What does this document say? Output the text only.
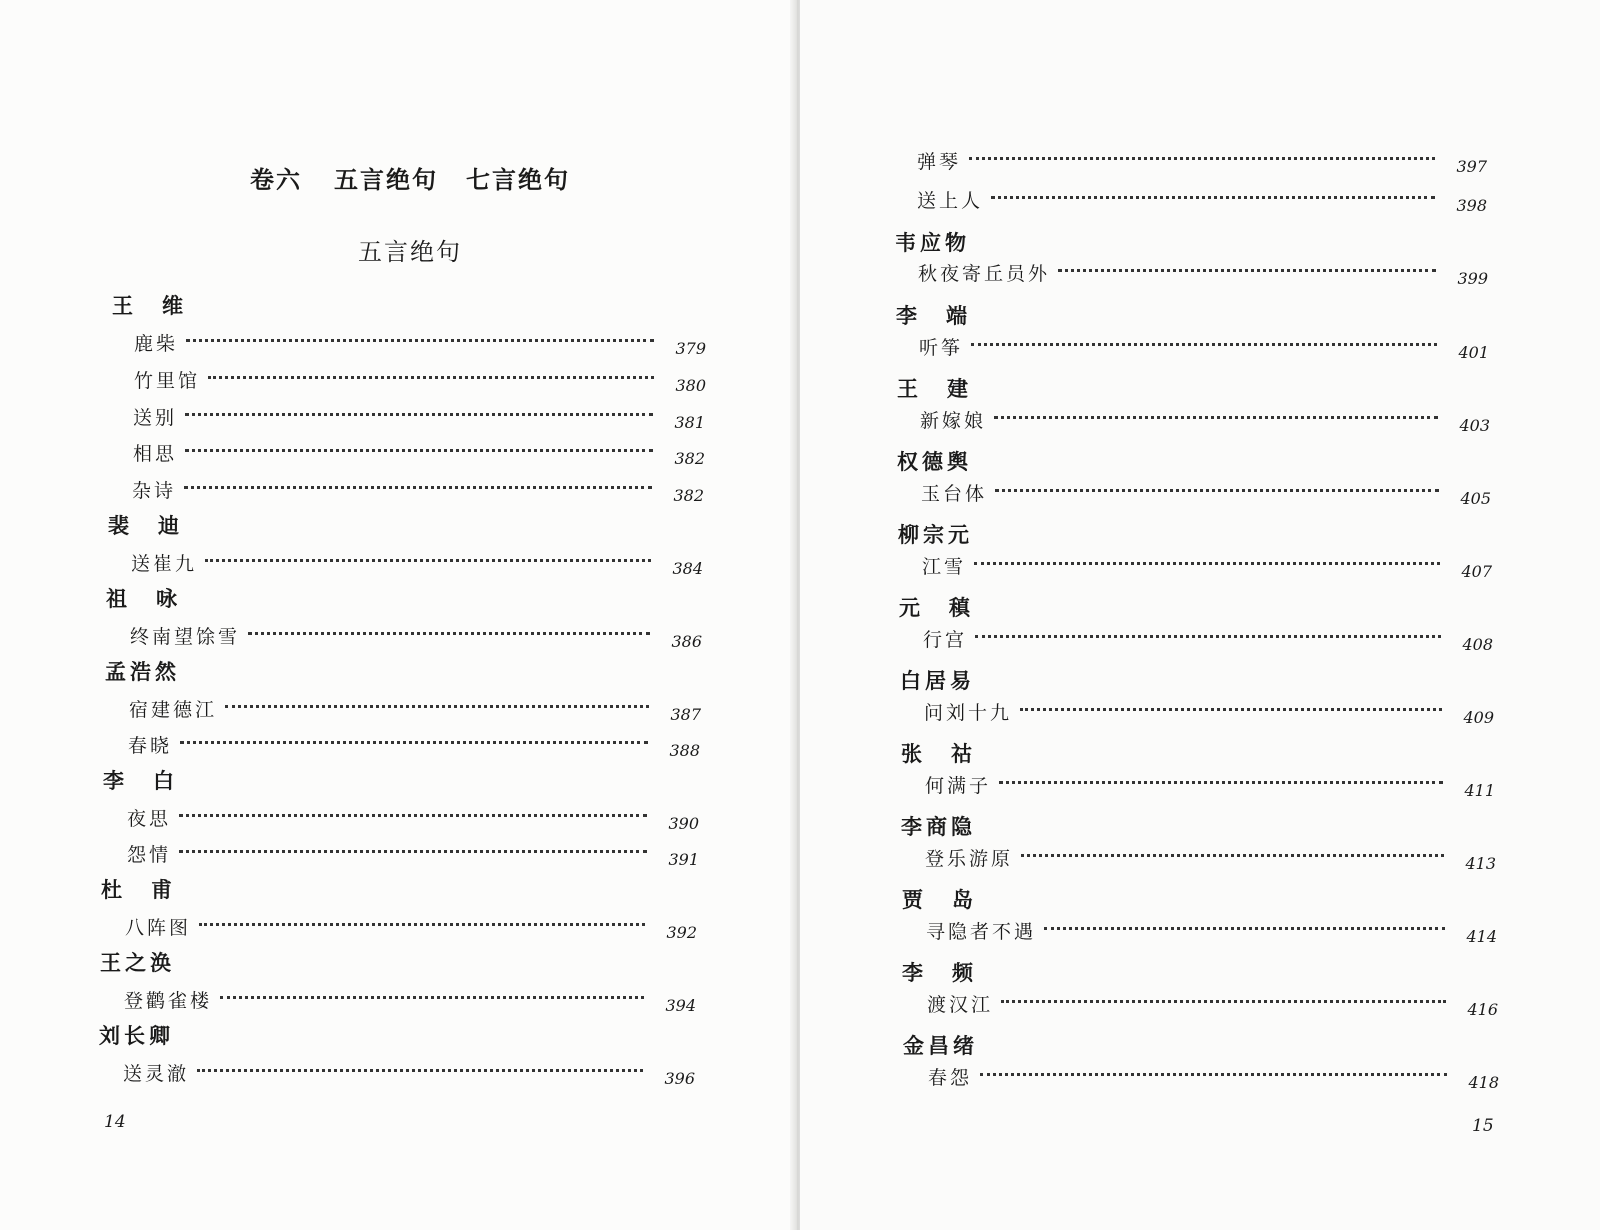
卷六 五言绝句 七言绝句
五言绝句
王　维
鹿柴	379
竹里馆	380
送别	381
相思	382
杂诗	382
裴　迪
送崔九	384
祖　咏
终南望馀雪	386
孟浩然
宿建德江	387
春晓	388
李　白
夜思	390
怨情	391
杜　甫
八阵图	392
王之涣
登鹳雀楼	394
刘长卿
送灵澈	396

14

弹琴	397
送上人	398
韦应物
秋夜寄丘员外	399
李　端
听筝	401
王　建
新嫁娘	403
权德舆
玉台体	405
柳宗元
江雪	407
元　稹
行宫	408
白居易
问刘十九	409
张　祜
何满子	411
李商隐
登乐游原	413
贾　岛
寻隐者不遇	414
李　频
渡汉江	416
金昌绪
春怨	418

15
